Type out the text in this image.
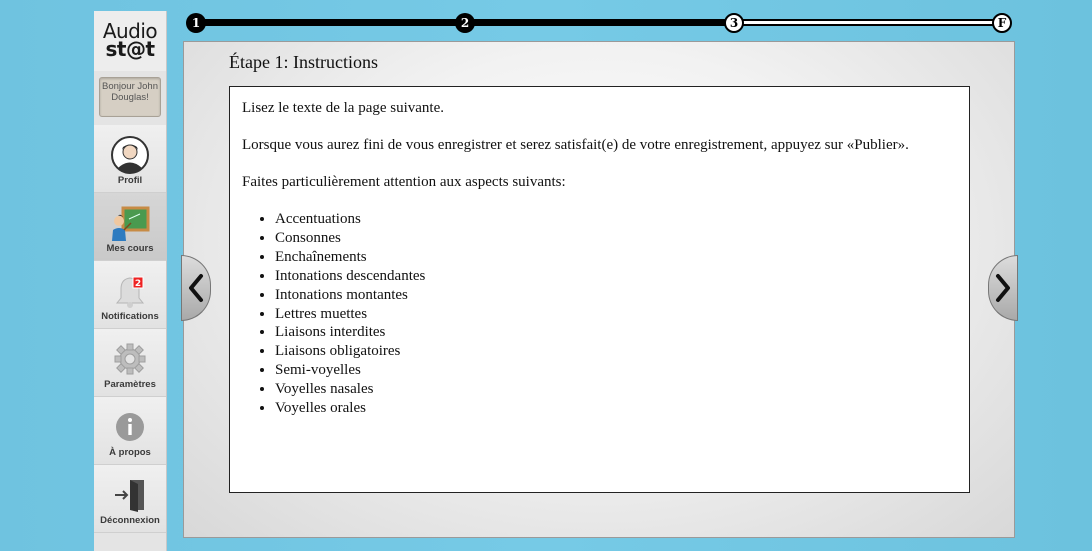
Audio
st@t
Bonjour John Douglas!
Profil
Mes cours
2
Notifications
Paramètres
À propos
Déconnexion
1	2	3	F
Étape 1: Instructions

Lisez le texte de la page suivante.

Lorsque vous aurez fini de vous enregistrer et serez satisfait(e) de votre enregistrement, appuyez sur «Publier».

Faites particulièrement attention aux aspects suivants:

• Accentuations
• Consonnes
• Enchaînements
• Intonations descendantes
• Intonations montantes
• Lettres muettes
• Liaisons interdites
• Liaisons obligatoires
• Semi-voyelles
• Voyelles nasales
• Voyelles orales
